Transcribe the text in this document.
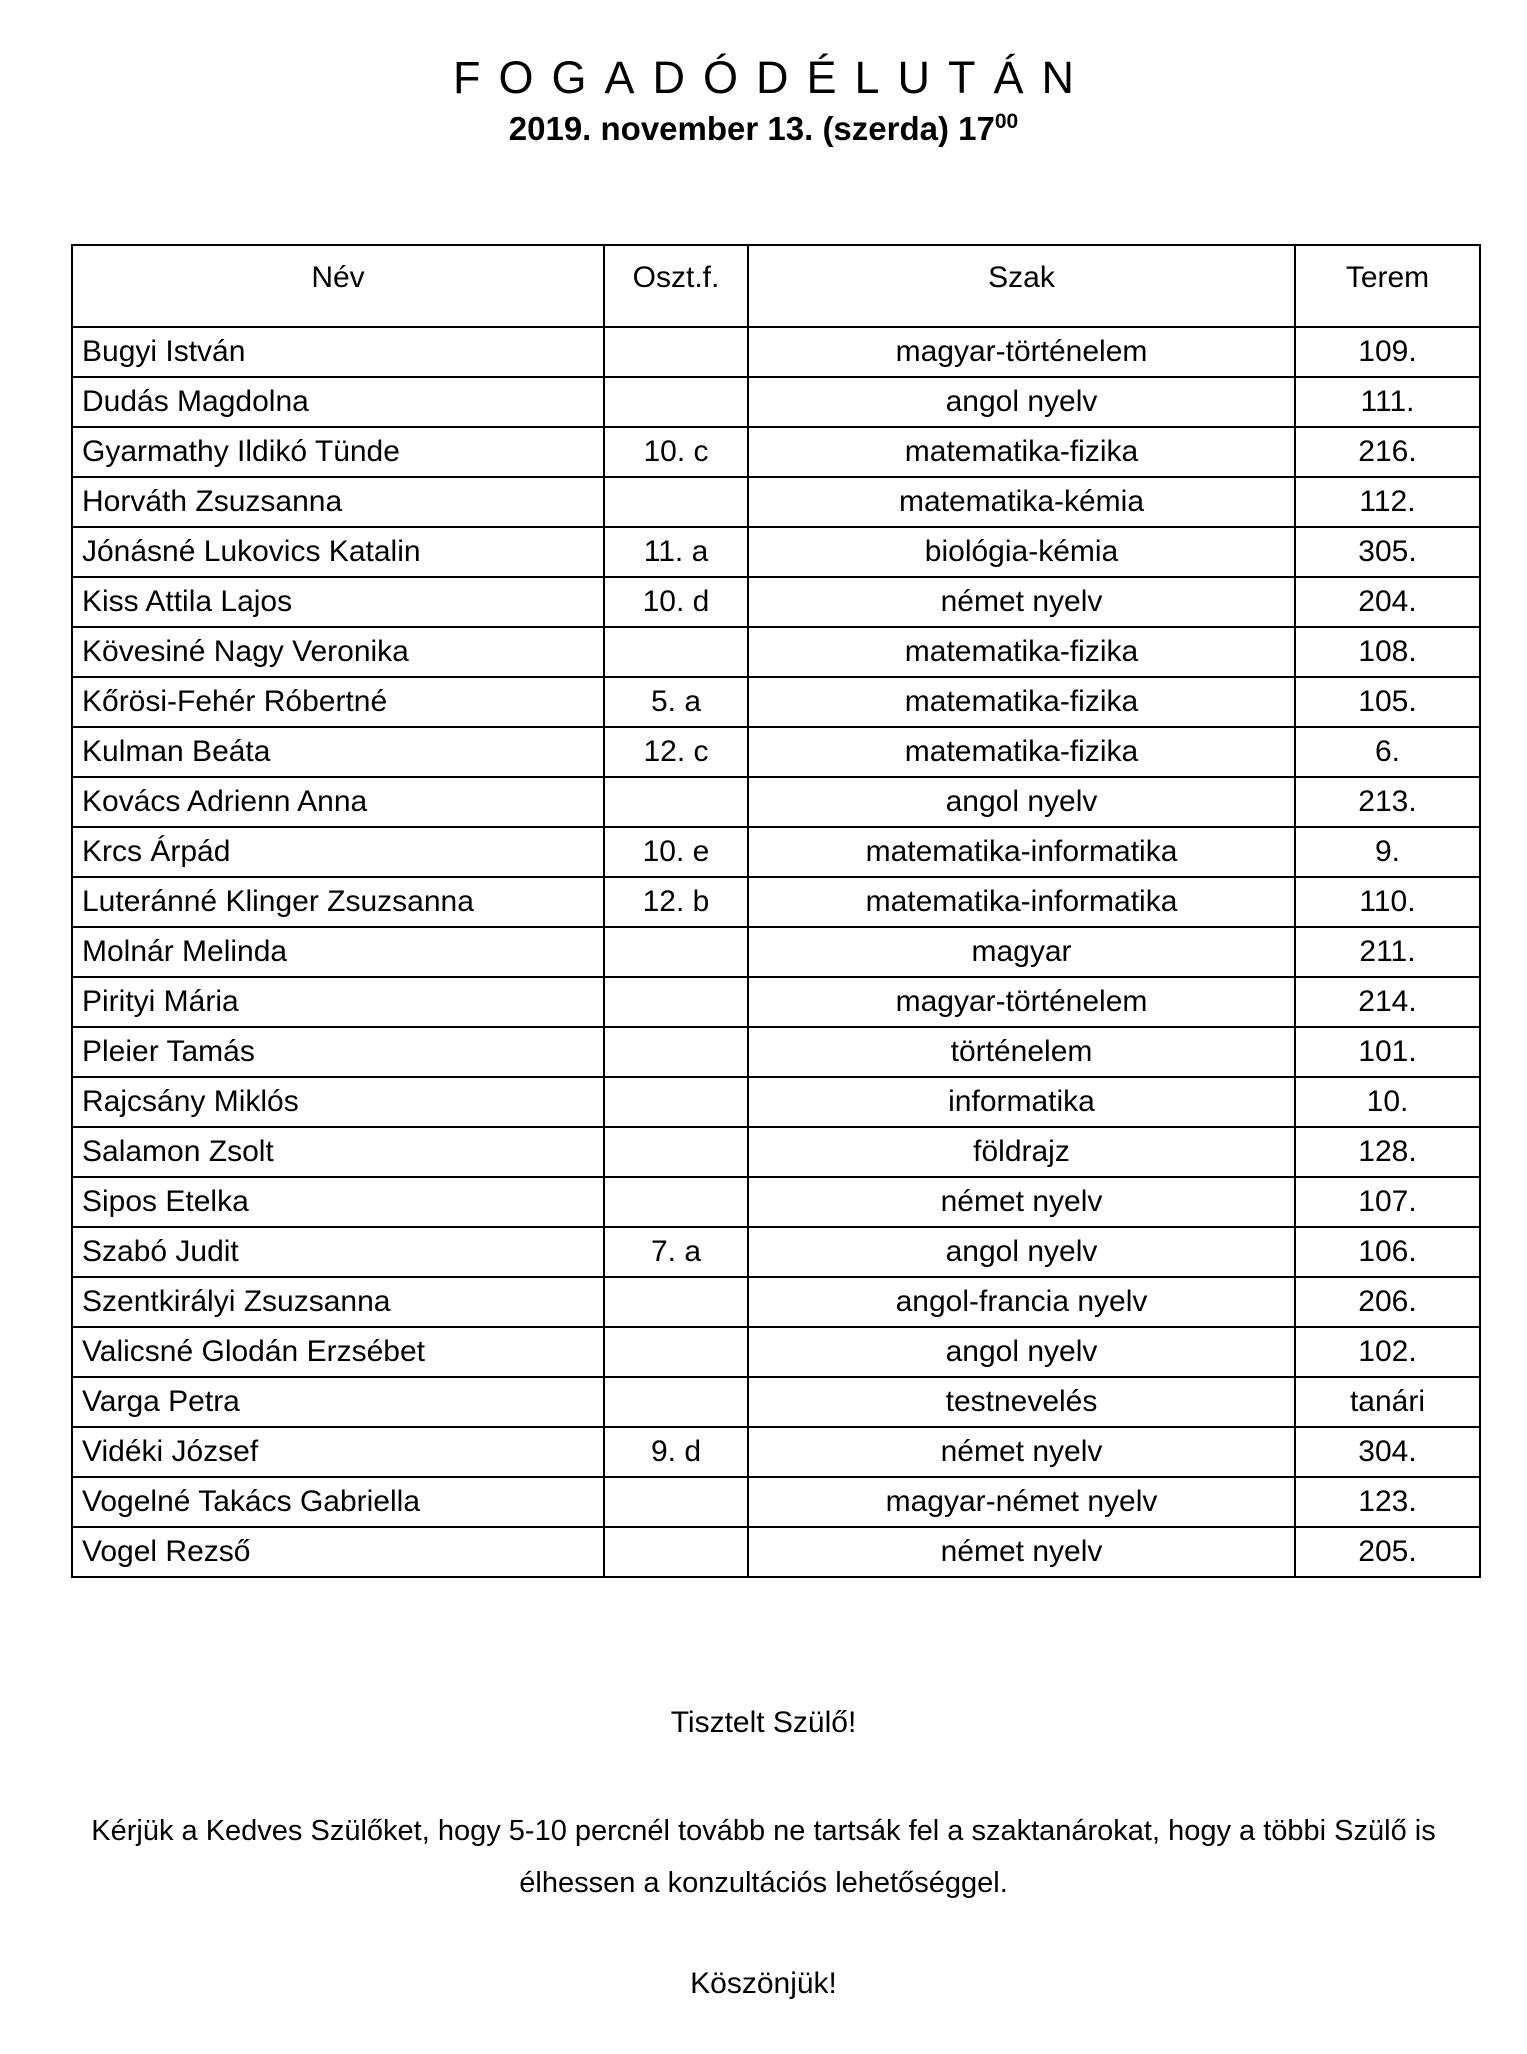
FOGADÓDÉLUTÁN
2019. november 13. (szerda) $17^{00}$
Név	Oszt.f.	Szak	Terem
Bugyi István		magyar-történelem	109.
Dudás Magdolna		angol nyelv	111.
Gyarmathy Ildikó Tünde	10. c	matematika-fizika	216.
Horváth Zsuzsanna		matematika-kémia	112.
Jónásné Lukovics Katalin	11. a	biológia-kémia	305.
Kiss Attila Lajos	10. d	német nyelv	204.
Kövesiné Nagy Veronika		matematika-fizika	108.
Kőrösi-Fehér Róbertné	5. a	matematika-fizika	105.
Kulman Beáta	12. c	matematika-fizika	6.
Kovács Adrienn Anna		angol nyelv	213.
Krcs Árpád	10. e	matematika-informatika	9.
Luteránné Klinger Zsuzsanna	12. b	matematika-informatika	110.
Molnár Melinda		magyar	211.
Pirityi Mária		magyar-történelem	214.
Pleier Tamás		történelem	101.
Rajcsány Miklós		informatika	10.
Salamon Zsolt		földrajz	128.
Sipos Etelka		német nyelv	107.
Szabó Judit	7. a	angol nyelv	106.
Szentkirályi Zsuzsanna		angol-francia nyelv	206.
Valicsné Glodán Erzsébet		angol nyelv	102.
Varga Petra		testnevelés	tanári
Vidéki József	9. d	német nyelv	304.
Vogelné Takács Gabriella		magyar-német nyelv	123.
Vogel Rezső		német nyelv	205.

Tisztelt Szülő!

Kérjük a Kedves Szülőket, hogy 5-10 percnél tovább ne tartsák fel a szaktanárokat, hogy a többi Szülő is élhessen a konzultációs lehetőséggel.

Köszönjük!
